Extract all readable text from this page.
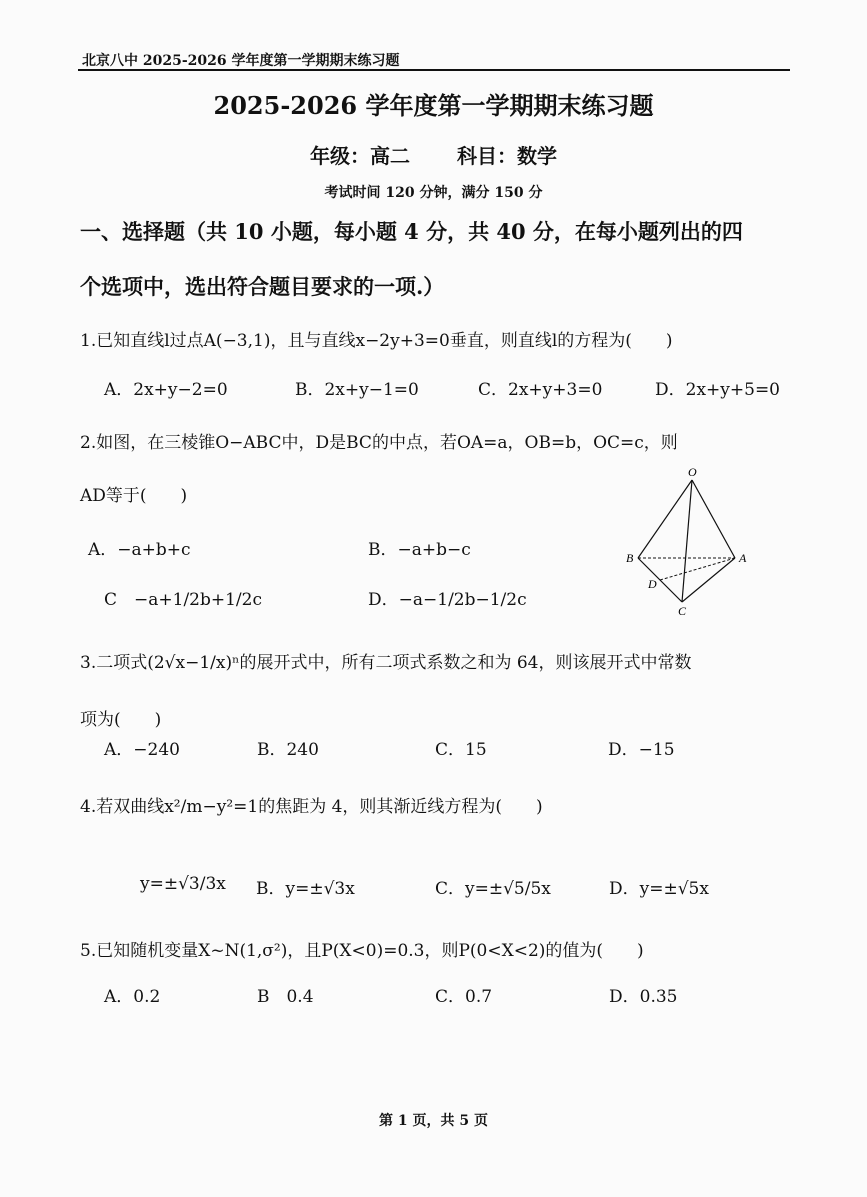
北京八中 2025-2026 学年度第一学期期末练习题
2025-2026 学年度第一学期期末练习题
年级：高二 科目：数学
考试时间 120 分钟，满分 150 分
一、选择题（共 10 小题，每小题 4 分，共 40 分，在每小题列出的四
个选项中，选出符合题目要求的一项.）
1.已知直线l过点A(−3,1)，且与直线x−2y+3=0垂直，则直线l的方程为(　　)
A．2x+y−2=0	B．2x+y−1=0	C．2x+y+3=0	D．2x+y+5=0
2.如图，在三棱锥O−ABC中，D是BC的中点，若OA=a，OB=b，OC=c，则
AD等于(　　)
A．−a+b+c	B．−a+b−c
C　−a+1/2b+1/2c	D．−a−1/2b−1/2c
O
B	A
D
C
3.二项式(2√x−1/x)ⁿ的展开式中，所有二项式系数之和为 64，则该展开式中常数
项为(　　)
A．−240	B．240	C．15	D．−15
4.若双曲线x²/m−y²=1的焦距为 4，则其渐近线方程为(　　)
y=±√3/3x B．y=±√3x	C．y=±√5/5x	D．y=±√5x
5.已知随机变量X~N(1,σ²)，且P(X<0)=0.3，则P(0<X<2)的值为(　　)
A．0.2	B　0.4	C．0.7	D．0.35
第 1 页，共 5 页
